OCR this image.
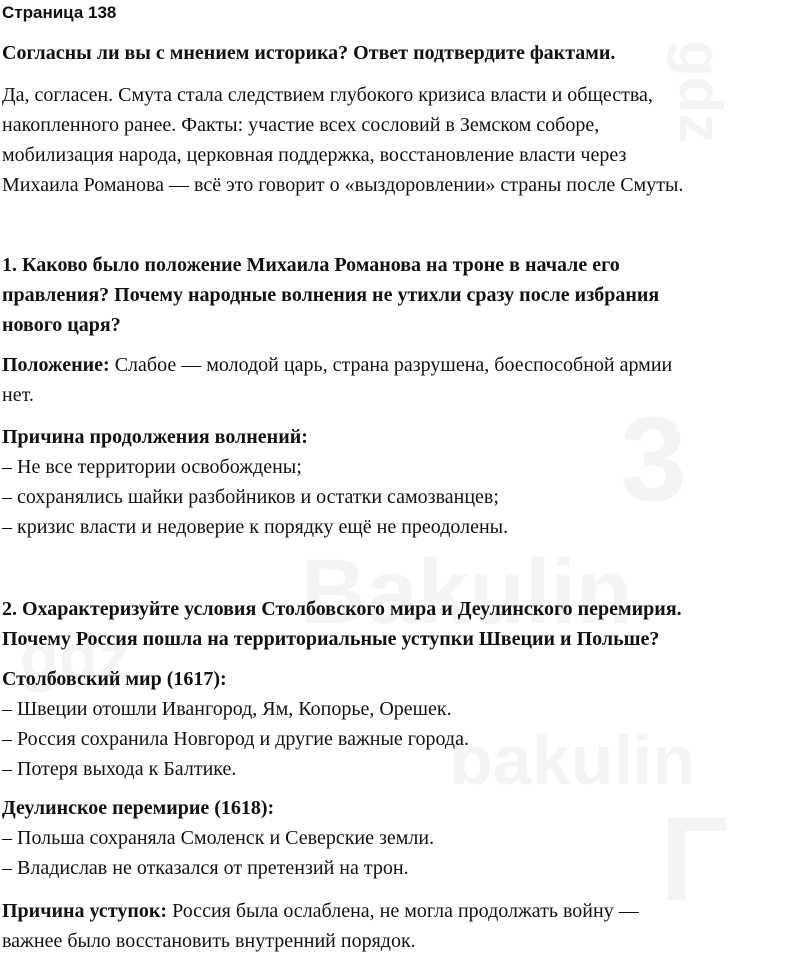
Страница 138
Согласны ли вы с мнением историка? Ответ подтвердите фактами.
Да, согласен. Смута стала следствием глубокого кризиса власти и общества,
накопленного ранее. Факты: участие всех сословий в Земском соборе,
мобилизация народа, церковная поддержка, восстановление власти через
Михаила Романова — всё это говорит о «выздоровлении» страны после Смуты.
1. Каково было положение Михаила Романова на троне в начале его
правления? Почему народные волнения не утихли сразу после избрания
нового царя?
Положение: Слабое — молодой царь, страна разрушена, боеспособной армии
нет.
Причина продолжения волнений:
– Не все территории освобождены;
– сохранялись шайки разбойников и остатки самозванцев;
– кризис власти и недоверие к порядку ещё не преодолены.
2. Охарактеризуйте условия Столбовского мира и Деулинского перемирия.
Почему Россия пошла на территориальные уступки Швеции и Польше?
Столбовский мир (1617):
– Швеции отошли Ивангород, Ям, Копорье, Орешек.
– Россия сохранила Новгород и другие важные города.
– Потеря выхода к Балтике.
Деулинское перемирие (1618):
– Польша сохраняла Смоленск и Северские земли.
– Владислав не отказался от претензий на трон.
Причина уступок: Россия была ослаблена, не могла продолжать войну —
важнее было восстановить внутренний порядок.
